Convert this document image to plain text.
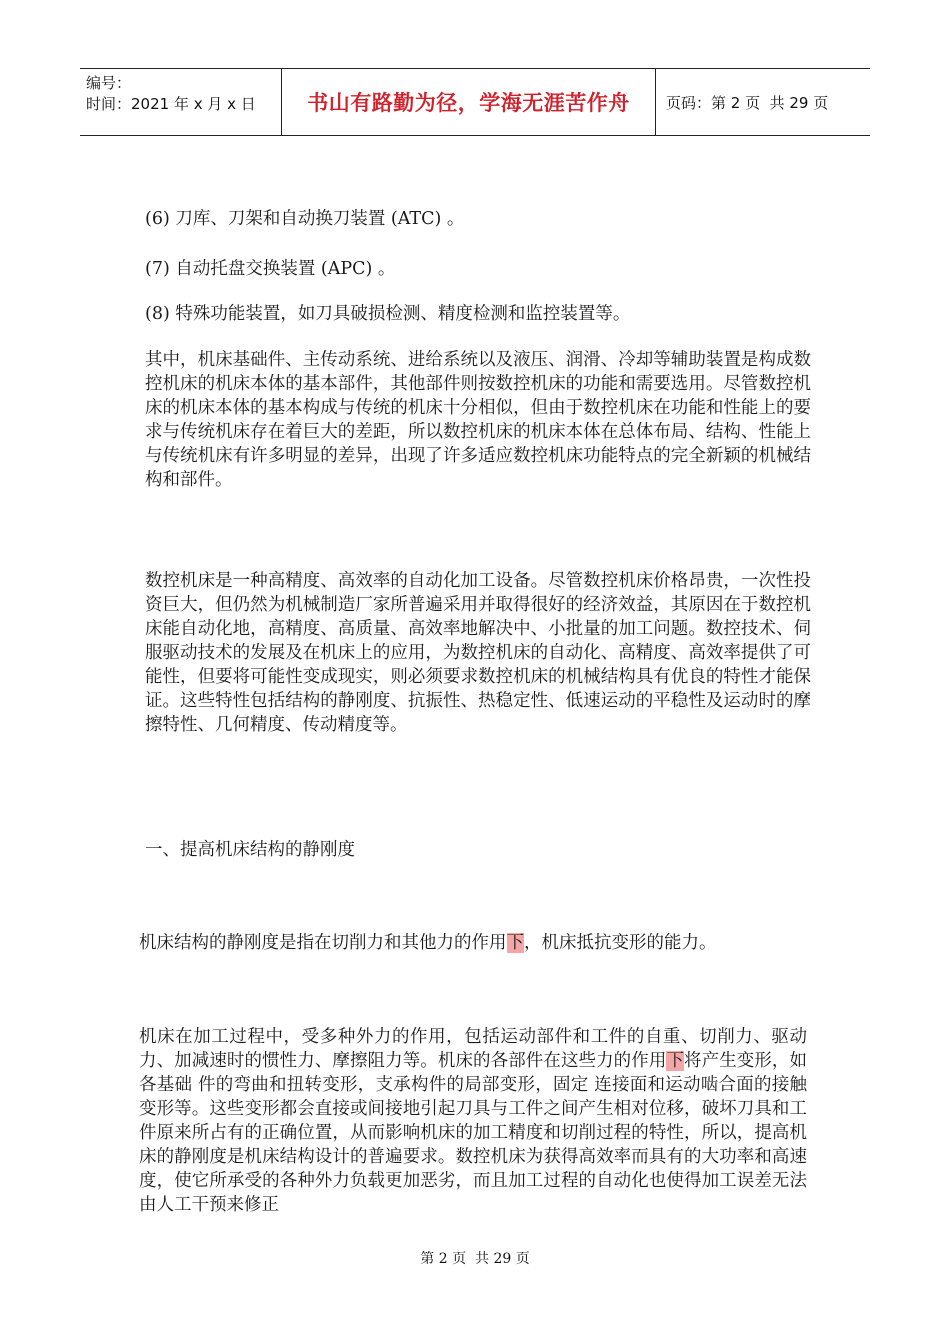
编号：
时间：2021 年 x 月 x 日	书山有路勤为径，学海无涯苦作舟	页码：第 2 页  共 29 页
(6) 刀库、刀架和自动换刀装置 (ATC) 。
(7) 自动托盘交换装置 (APC) 。
(8) 特殊功能装置，如刀具破损检测、精度检测和监控装置等。
其中，机床基础件、主传动系统、进给系统以及液压、润滑、冷却等辅助装置是构成数控机床的机床本体的基本部件，其他部件则按数控机床的功能和需要选用。尽管数控机床的机床本体的基本构成与传统的机床十分相似，但由于数控机床在功能和性能上的要求与传统机床存在着巨大的差距，所以数控机床的机床本体在总体布局、结构、性能上与传统机床有许多明显的差异，出现了许多适应数控机床功能特点的完全新颖的机械结构和部件。
数控机床是一种高精度、高效率的自动化加工设备。尽管数控机床价格昂贵，一次性投资巨大，但仍然为机械制造厂家所普遍采用并取得很好的经济效益，其原因在于数控机床能自动化地，高精度、高质量、高效率地解决中、小批量的加工问题。数控技术、伺服驱动技术的发展及在机床上的应用，为数控机床的自动化、高精度、高效率提供了可能性，但要将可能性变成现实，则必须要求数控机床的机械结构具有优良的特性才能保证。这些特性包括结构的静刚度、抗振性、热稳定性、低速运动的平稳性及运动时的摩擦特性、几何精度、传动精度等。
一、提高机床结构的静刚度
机床结构的静刚度是指在切削力和其他力的作用下，机床抵抗变形的能力。
机床在加工过程中，受多种外力的作用，包括运动部件和工件的自重、切削力、驱动力、加减速时的惯性力、摩擦阻力等。机床的各部件在这些力的作用下将产生变形，如 各基础 件的弯曲和扭转变形，支承构件的局部变形，固定 连接面和运动啮合面的接触变形等。这些变形都会直接或间接地引起刀具与工件之间产生相对位移，破坏刀具和工件原来所占有的正确位置，从而影响机床的加工精度和切削过程的特性，所以，提高机床的静刚度是机床结构设计的普遍要求。数控机床为获得高效率而具有的大功率和高速度，使它所承受的各种外力负载更加恶劣，而且加工过程的自动化也使得加工误差无法由人工干预来修正
第 2 页  共 29 页
